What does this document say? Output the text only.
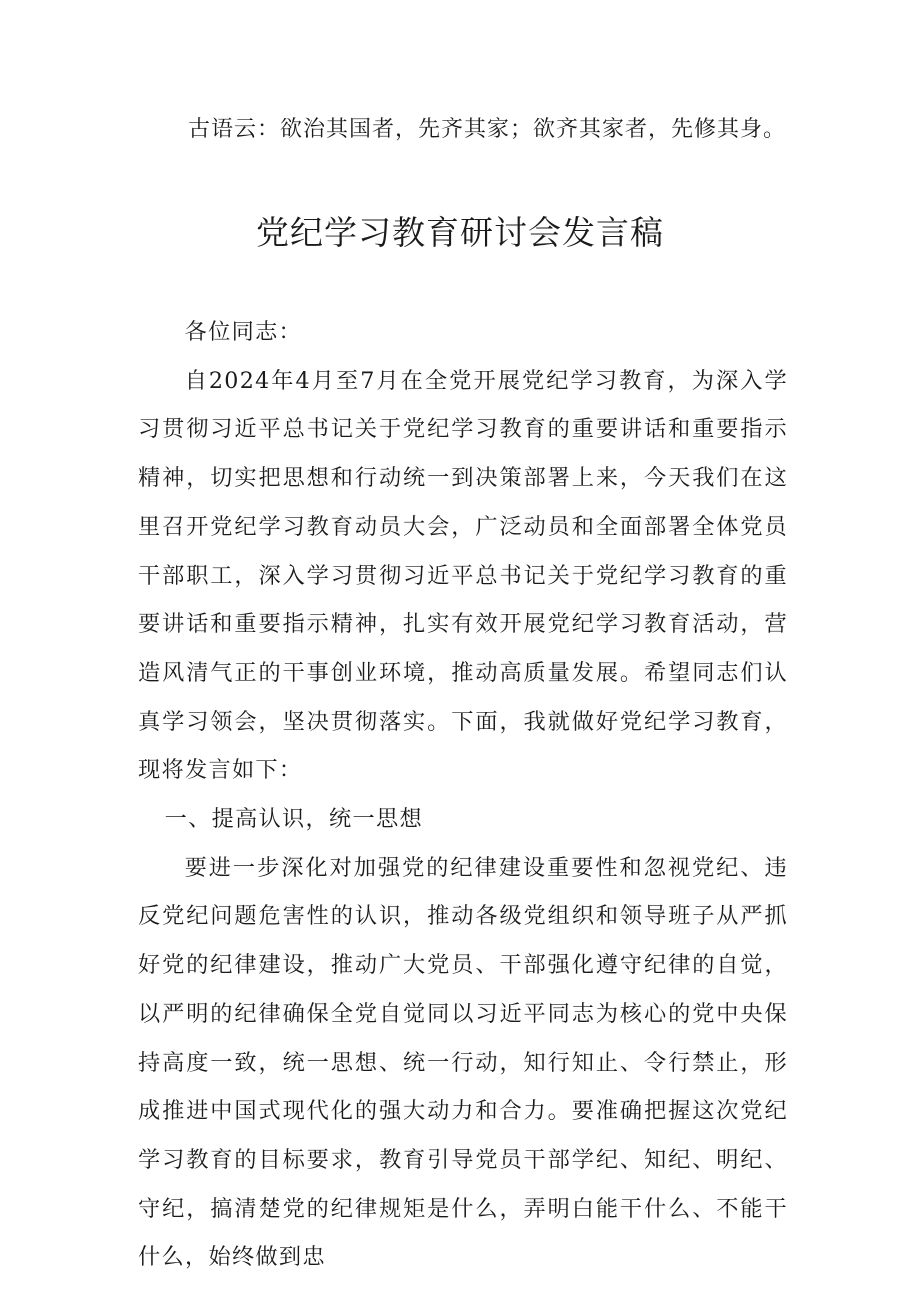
古语云：欲治其国者，先齐其家；欲齐其家者，先修其身。
党纪学习教育研讨会发言稿

各位同志：

自2024年4月至7月在全党开展党纪学习教育，为深入学习贯彻习近平总书记关于党纪学习教育的重要讲话和重要指示精神，切实把思想和行动统一到决策部署上来，今天我们在这里召开党纪学习教育动员大会，广泛动员和全面部署全体党员干部职工，深入学习贯彻习近平总书记关于党纪学习教育的重要讲话和重要指示精神，扎实有效开展党纪学习教育活动，营造风清气正的干事创业环境，推动高质量发展。希望同志们认真学习领会，坚决贯彻落实。下面，我就做好党纪学习教育，现将发言如下：

一、提高认识，统一思想

要进一步深化对加强党的纪律建设重要性和忽视党纪、违反党纪问题危害性的认识，推动各级党组织和领导班子从严抓好党的纪律建设，推动广大党员、干部强化遵守纪律的自觉，以严明的纪律确保全党自觉同以习近平同志为核心的党中央保持高度一致，统一思想、统一行动，知行知止、令行禁止，形成推进中国式现代化的强大动力和合力。要准确把握这次党纪学习教育的目标要求，教育引导党员干部学纪、知纪、明纪、守纪，搞清楚党的纪律规矩是什么，弄明白能干什么、不能干什么，始终做到忠
